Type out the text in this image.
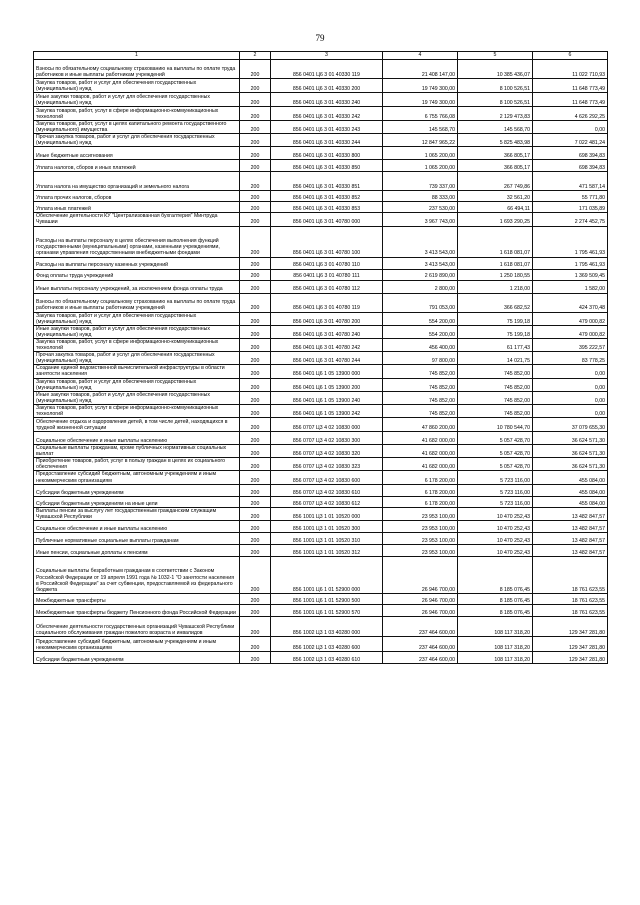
79
1	2	3	4	5	6
Взносы по обязательному социальному страхованию на выплаты по оплате труда работников и иные выплаты работникам учреждений	200	856 0401 Ц6 3 01 40330 119	21 408 147,00	10 385 436,07	11 022 710,93
Закупка товаров, работ и услуг для обеспечения государственных (муниципальных) нужд	200	856 0401 Ц6 3 01 40330 200	19 749 300,00	8 100 526,51	11 648 773,49
Иные закупки товаров, работ и услуг для обеспечения государственных (муниципальных) нужд	200	856 0401 Ц6 3 01 40330 240	19 749 300,00	8 100 526,51	11 648 773,49
Закупка товаров, работ, услуг в сфере информационно-коммуникационных технологий	200	856 0401 Ц6 3 01 40330 242	6 755 766,08	2 129 473,83	4 626 292,25
Закупка товаров, работ, услуг в целях капитального ремонта государственного (муниципального) имущества	200	856 0401 Ц6 3 01 40330 243	145 568,70	145 568,70	0,00
Прочая закупка товаров, работ и услуг для обеспечения государственных (муниципальных) нужд	200	856 0401 Ц6 3 01 40330 244	12 847 965,22	5 825 483,98	7 022 481,24
Иные бюджетные ассигнования	200	856 0401 Ц6 3 01 40330 800	1 065 200,00	366 805,17	698 394,83
Уплата налогов, сборов и иных платежей	200	856 0401 Ц6 3 01 40330 850	1 065 200,00	366 805,17	698 394,83
Уплата налога на имущество организаций и земельного налога	200	856 0401 Ц6 3 01 40330 851	739 337,00	267 749,86	471 587,14
Уплата прочих налогов, сборов	200	856 0401 Ц6 3 01 40330 852	88 333,00	32 561,20	55 771,80
Уплата иных платежей	200	856 0401 Ц6 3 01 40330 853	237 530,00	66 494,11	171 035,89
Обеспечение деятельности КУ "Централизованная бухгалтерия" Минтруда Чувашии	200	856 0401 Ц6 3 01 40780 000	3 967 743,00	1 693 290,25	2 274 452,75
Расходы на выплаты персоналу в целях обеспечения выполнения функций государственными (муниципальными) органами, казенными учреждениями, органами управления государственными внебюджетными фондами	200	856 0401 Ц6 3 01 40780 100	3 413 543,00	1 618 081,07	1 795 461,93
Расходы на выплаты персоналу казенных учреждений	200	856 0401 Ц6 3 01 40780 110	3 413 543,00	1 618 081,07	1 795 461,93
Фонд оплаты труда учреждений	200	856 0401 Ц6 3 01 40780 111	2 619 890,00	1 250 180,55	1 369 509,45
Иные выплаты персоналу учреждений, за исключением фонда оплаты труда	200	856 0401 Ц6 3 01 40780 112	2 800,00	1 218,00	1 582,00
Взносы по обязательному социальному страхованию на выплаты по оплате труда работников и иные выплаты работникам учреждений	200	856 0401 Ц6 3 01 40780 119	791 053,00	366 682,52	424 370,48
Закупка товаров, работ и услуг для обеспечения государственных (муниципальных) нужд	200	856 0401 Ц6 3 01 40780 200	554 200,00	75 199,18	479 000,82
Иные закупки товаров, работ и услуг для обеспечения государственных (муниципальных) нужд	200	856 0401 Ц6 3 01 40780 240	554 200,00	75 199,18	479 000,82
Закупка товаров, работ, услуг в сфере информационно-коммуникационных технологий	200	856 0401 Ц6 3 01 40780 242	456 400,00	61 177,43	395 222,57
Прочая закупка товаров, работ и услуг для обеспечения государственных (муниципальных) нужд	200	856 0401 Ц6 3 01 40780 244	97 800,00	14 021,75	83 778,25
Создание единой ведомственной вычислительной инфраструктуры в области занятости населения	200	856 0401 Ц6 1 05 13900 000	745 852,00	745 852,00	0,00
Закупка товаров, работ и услуг для обеспечения государственных (муниципальных) нужд	200	856 0401 Ц6 1 05 13900 200	745 852,00	745 852,00	0,00
Иные закупки товаров, работ и услуг для обеспечения государственных (муниципальных) нужд	200	856 0401 Ц6 1 05 13900 240	745 852,00	745 852,00	0,00
Закупка товаров, работ, услуг в сфере информационно-коммуникационных технологий	200	856 0401 Ц6 1 05 13900 242	745 852,00	745 852,00	0,00
Обеспечение отдыха и оздоровления детей, в том числе детей, находящихся в трудной жизненной ситуации	200	856 0707 Ц3 4 02 10830 000	47 860 200,00	10 780 544,70	37 079 655,30
Социальное обеспечение и иные выплаты населению	200	856 0707 Ц3 4 02 10830 300	41 682 000,00	5 057 428,70	36 624 571,30
Социальные выплаты гражданам, кроме публичных нормативных социальных выплат	200	856 0707 Ц3 4 02 10830 320	41 682 000,00	5 057 428,70	36 624 571,30
Приобретение товаров, работ, услуг в пользу граждан в целях их социального обеспечения	200	856 0707 Ц3 4 02 10830 323	41 682 000,00	5 057 428,70	36 624 571,30
Предоставление субсидий бюджетным, автономным учреждениям и иным некоммерческим организациям	200	856 0707 Ц3 4 02 10830 600	6 178 200,00	5 723 116,00	455 084,00
Субсидии бюджетным учреждениям	200	856 0707 Ц3 4 02 10830 610	6 178 200,00	5 723 116,00	455 084,00
Субсидии бюджетным учреждениям на иные цели	200	856 0707 Ц3 4 02 10830 612	6 178 200,00	5 723 116,00	455 084,00
Выплаты пенсии за выслугу лет государственным гражданским служащим Чувашской Республики	200	856 1001 Ц3 1 01 10520 000	23 953 100,00	10 470 252,43	13 482 847,57
Социальное обеспечение и иные выплаты населению	200	856 1001 Ц3 1 01 10520 300	23 953 100,00	10 470 252,43	13 482 847,57
Публичные нормативные социальные выплаты гражданам	200	856 1001 Ц3 1 01 10520 310	23 953 100,00	10 470 252,43	13 482 847,57
Иные пенсии, социальные доплаты к пенсиям	200	856 1001 Ц3 1 01 10520 312	23 953 100,00	10 470 252,43	13 482 847,57
Социальные выплаты безработным гражданам в соответствии с Законом Российской Федерации от 19 апреля 1991 года № 1032-1 "О занятости населения в Российской Федерации" за счет субвенции, предоставляемой из федерального бюджета	200	856 1001 Ц6 1 01 52900 000	26 946 700,00	8 185 076,45	18 761 623,55
Межбюджетные трансферты	200	856 1001 Ц6 1 01 52900 500	26 946 700,00	8 185 076,45	18 761 623,55
Межбюджетные трансферты бюджету Пенсионного фонда Российской Федерации	200	856 1001 Ц6 1 01 52900 570	26 946 700,00	8 185 076,45	18 761 623,55
Обеспечение деятельности государственных организаций Чувашской Республики социального обслуживания граждан пожилого возраста и инвалидов	200	856 1002 Ц3 1 03 40280 000	237 464 600,00	108 117 318,20	129 347 281,80
Предоставление субсидий бюджетным, автономным учреждениям и иным некоммерческим организациям	200	856 1002 Ц3 1 03 40280 600	237 464 600,00	108 117 318,20	129 347 281,80
Субсидии бюджетным учреждениям	200	856 1002 Ц3 1 03 40280 610	237 464 600,00	108 117 318,20	129 347 281,80
